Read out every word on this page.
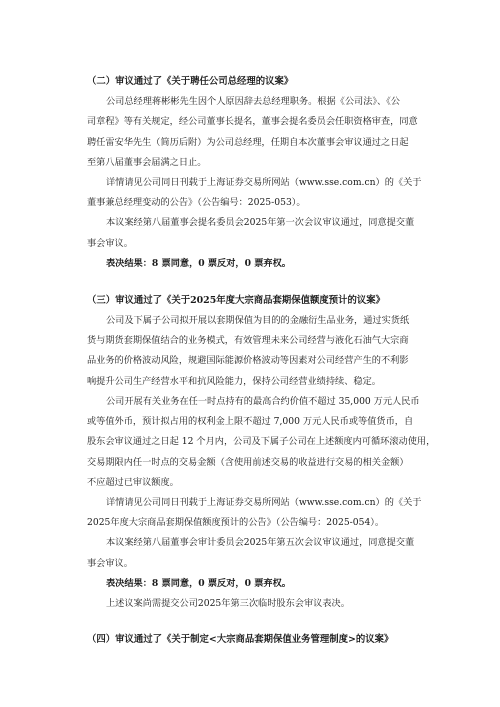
（二）审议通过了《关于聘任公司总经理的议案》
公司总经理蒋彬彬先生因个人原因辞去总经理职务。根据《公司法》、《公
司章程》等有关规定，经公司董事长提名，董事会提名委员会任职资格审查，同意
聘任雷安华先生（简历后附）为公司总经理，任期自本次董事会审议通过之日起
至第八届董事会届满之日止。
详情请见公司同日刊载于上海证券交易所网站（www.sse.com.cn）的《关于
董事兼总经理变动的公告》（公告编号：2025-053）。
本议案经第八届董事会提名委员会2025年第一次会议审议通过，同意提交董
事会审议。
表决结果：8 票同意，0 票反对，0 票弃权。
（三）审议通过了《关于2025年度大宗商品套期保值额度预计的议案》
公司及下属子公司拟开展以套期保值为目的的金融衍生品业务，通过实货纸
货与期货套期保值结合的业务模式，有效管理未来公司经营与液化石油气大宗商
品业务的价格波动风险，规避国际能源价格波动等因素对公司经营产生的不利影
响提升公司生产经营水平和抗风险能力，保持公司经营业绩持续、稳定。
公司开展有关业务在任一时点持有的最高合约价值不超过 35,000 万元人民币
或等值外币，预计拟占用的权利金上限不超过 7,000 万元人民币或等值货币，自
股东会审议通过之日起 12 个月内，公司及下属子公司在上述额度内可循环滚动使用，
交易期限内任一时点的交易金额（含使用前述交易的收益进行交易的相关金额）
不应超过已审议额度。
详情请见公司同日刊载于上海证券交易所网站（www.sse.com.cn）的《关于
2025年度大宗商品套期保值额度预计的公告》（公告编号：2025-054）。
本议案经第八届董事会审计委员会2025年第五次会议审议通过，同意提交董
事会审议。
表决结果：8 票同意，0 票反对，0 票弃权。
上述议案尚需提交公司2025年第三次临时股东会审议表决。
（四）审议通过了《关于制定<大宗商品套期保值业务管理制度>的议案》
